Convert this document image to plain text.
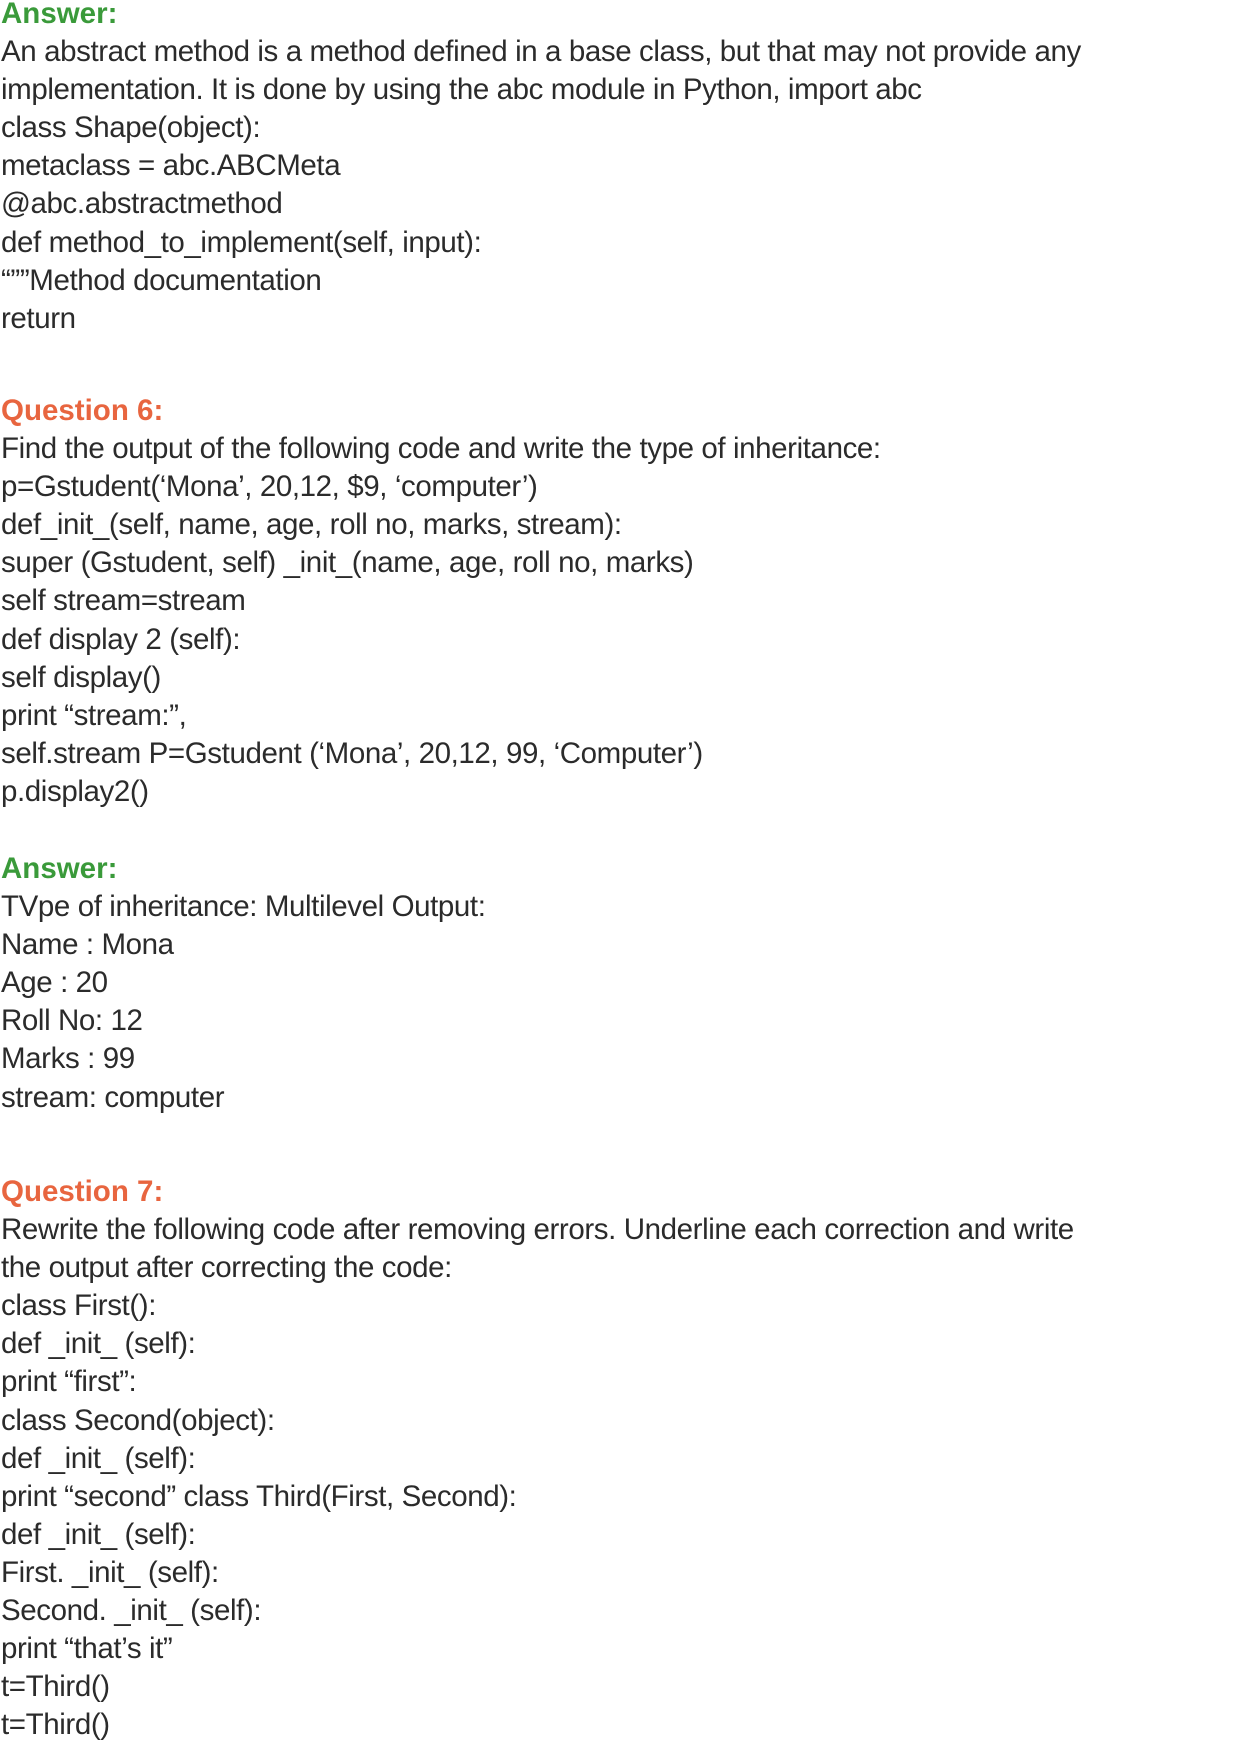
Answer:
An abstract method is a method defined in a base class, but that may not provide any
implementation. It is done by using the abc module in Python, import abc
class Shape(object):
metaclass = abc.ABCMeta
@abc.abstractmethod
def method_to_implement(self, input):
“””Method documentation
return
Question 6:
Find the output of the following code and write the type of inheritance:
p=Gstudent(‘Mona’, 20,12, $9, ‘computer’)
def_init_(self, name, age, roll no, marks, stream):
super (Gstudent, self) _init_(name, age, roll no, marks)
self stream=stream
def display 2 (self):
self display()
print “stream:”,
self.stream P=Gstudent (‘Mona’, 20,12, 99, ‘Computer’)
p.display2()
Answer:
TVpe of inheritance: Multilevel Output:
Name : Mona
Age : 20
Roll No: 12
Marks : 99
stream: computer
Question 7:
Rewrite the following code after removing errors. Underline each correction and write
the output after correcting the code:
class First():
def _init_ (self):
print “first”:
class Second(object):
def _init_ (self):
print “second” class Third(First, Second):
def _init_ (self):
First. _init_ (self):
Second. _init_ (self):
print “that’s it”
t=Third()
t=Third()
